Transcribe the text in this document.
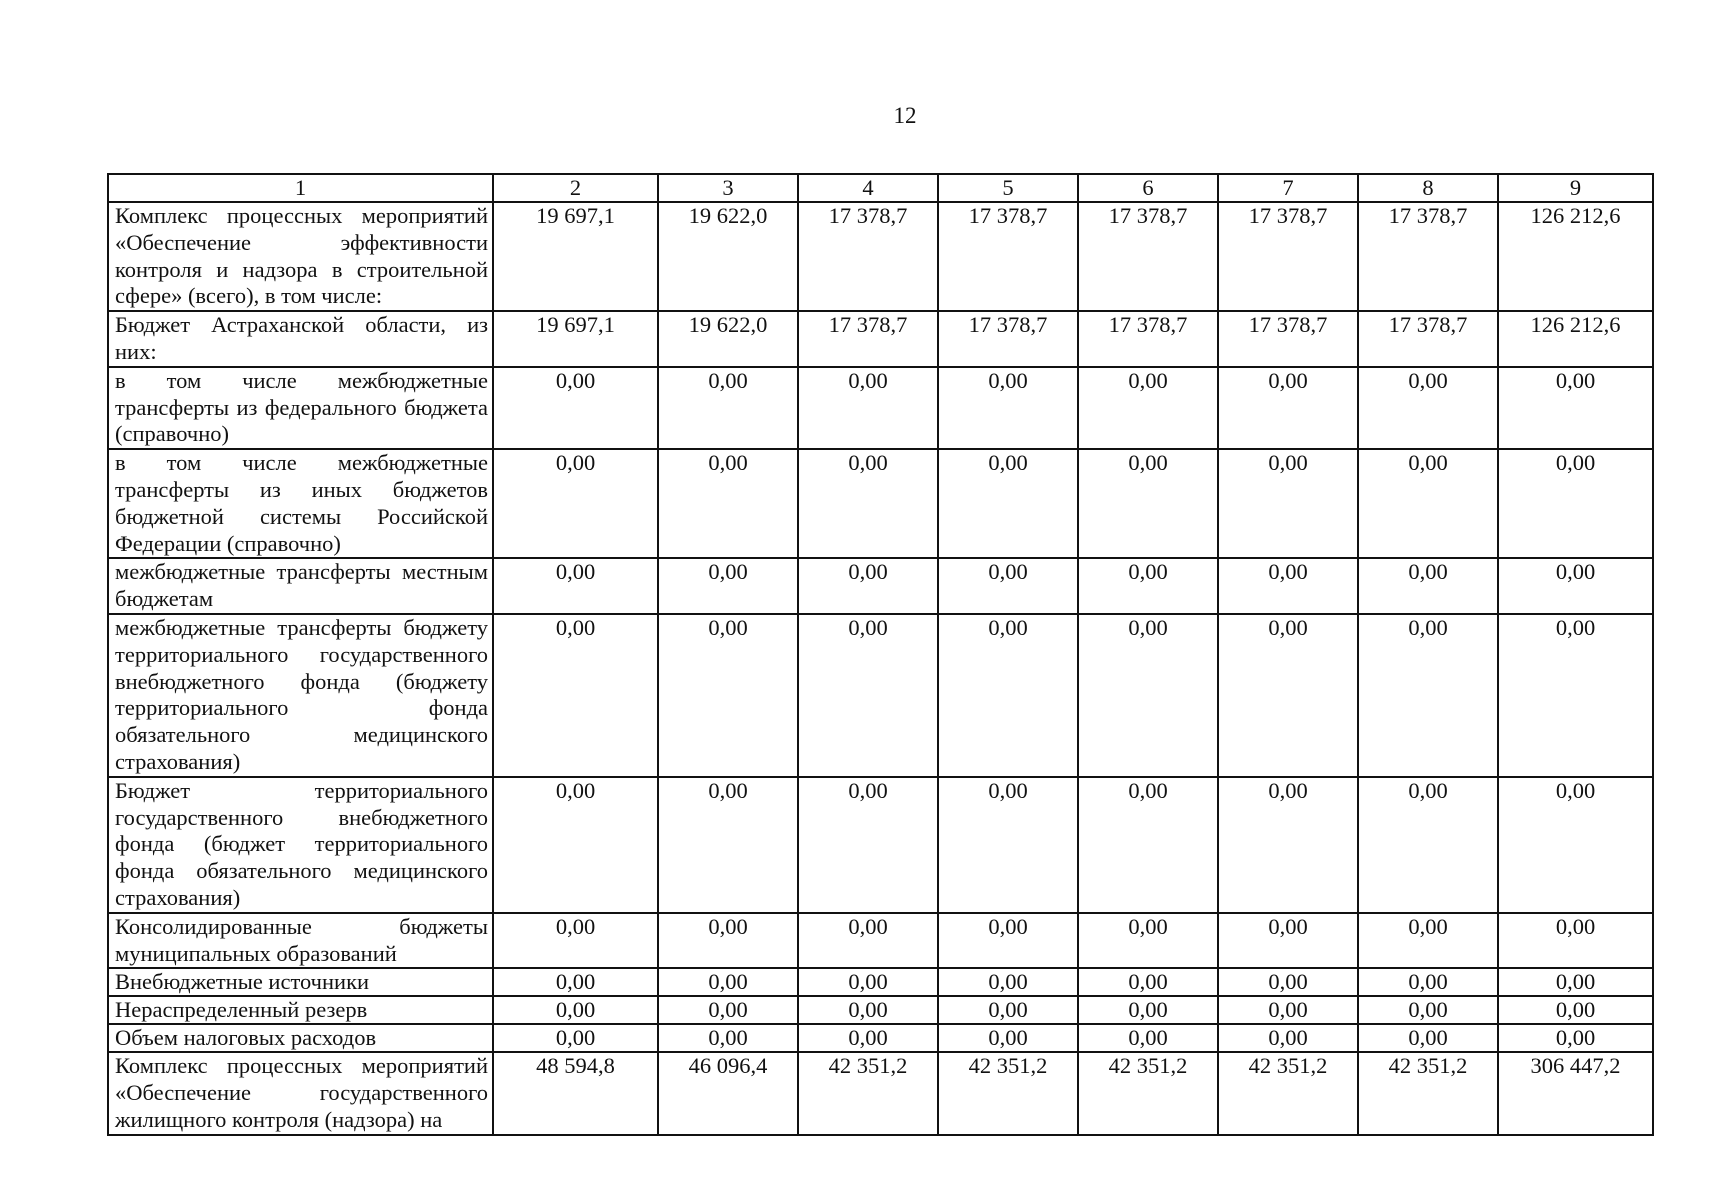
12
1	2	3	4	5	6	7	8	9
Комплекс процессных мероприятий «Обеспечение эффективности контроля и надзора в строительной сфере» (всего), в том числе:	19 697,1	19 622,0	17 378,7	17 378,7	17 378,7	17 378,7	17 378,7	126 212,6
Бюджет Астраханской области, из них:	19 697,1	19 622,0	17 378,7	17 378,7	17 378,7	17 378,7	17 378,7	126 212,6
в том числе межбюджетные трансферты из федерального бюджета (справочно)	0,00	0,00	0,00	0,00	0,00	0,00	0,00	0,00
в том числе межбюджетные трансферты из иных бюджетов бюджетной системы Российской Федерации (справочно)	0,00	0,00	0,00	0,00	0,00	0,00	0,00	0,00
межбюджетные трансферты местным бюджетам	0,00	0,00	0,00	0,00	0,00	0,00	0,00	0,00
межбюджетные трансферты бюджету территориального государственного внебюджетного фонда (бюджету территориального фонда обязательного медицинского страхования)	0,00	0,00	0,00	0,00	0,00	0,00	0,00	0,00
Бюджет территориального государственного внебюджетного фонда (бюджет территориального фонда обязательного медицинского страхования)	0,00	0,00	0,00	0,00	0,00	0,00	0,00	0,00
Консолидированные бюджеты муниципальных образований	0,00	0,00	0,00	0,00	0,00	0,00	0,00	0,00
Внебюджетные источники	0,00	0,00	0,00	0,00	0,00	0,00	0,00	0,00
Нераспределенный резерв	0,00	0,00	0,00	0,00	0,00	0,00	0,00	0,00
Объем налоговых расходов	0,00	0,00	0,00	0,00	0,00	0,00	0,00	0,00
Комплекс процессных мероприятий «Обеспечение государственного жилищного контроля (надзора) на	48 594,8	46 096,4	42 351,2	42 351,2	42 351,2	42 351,2	42 351,2	306 447,2
